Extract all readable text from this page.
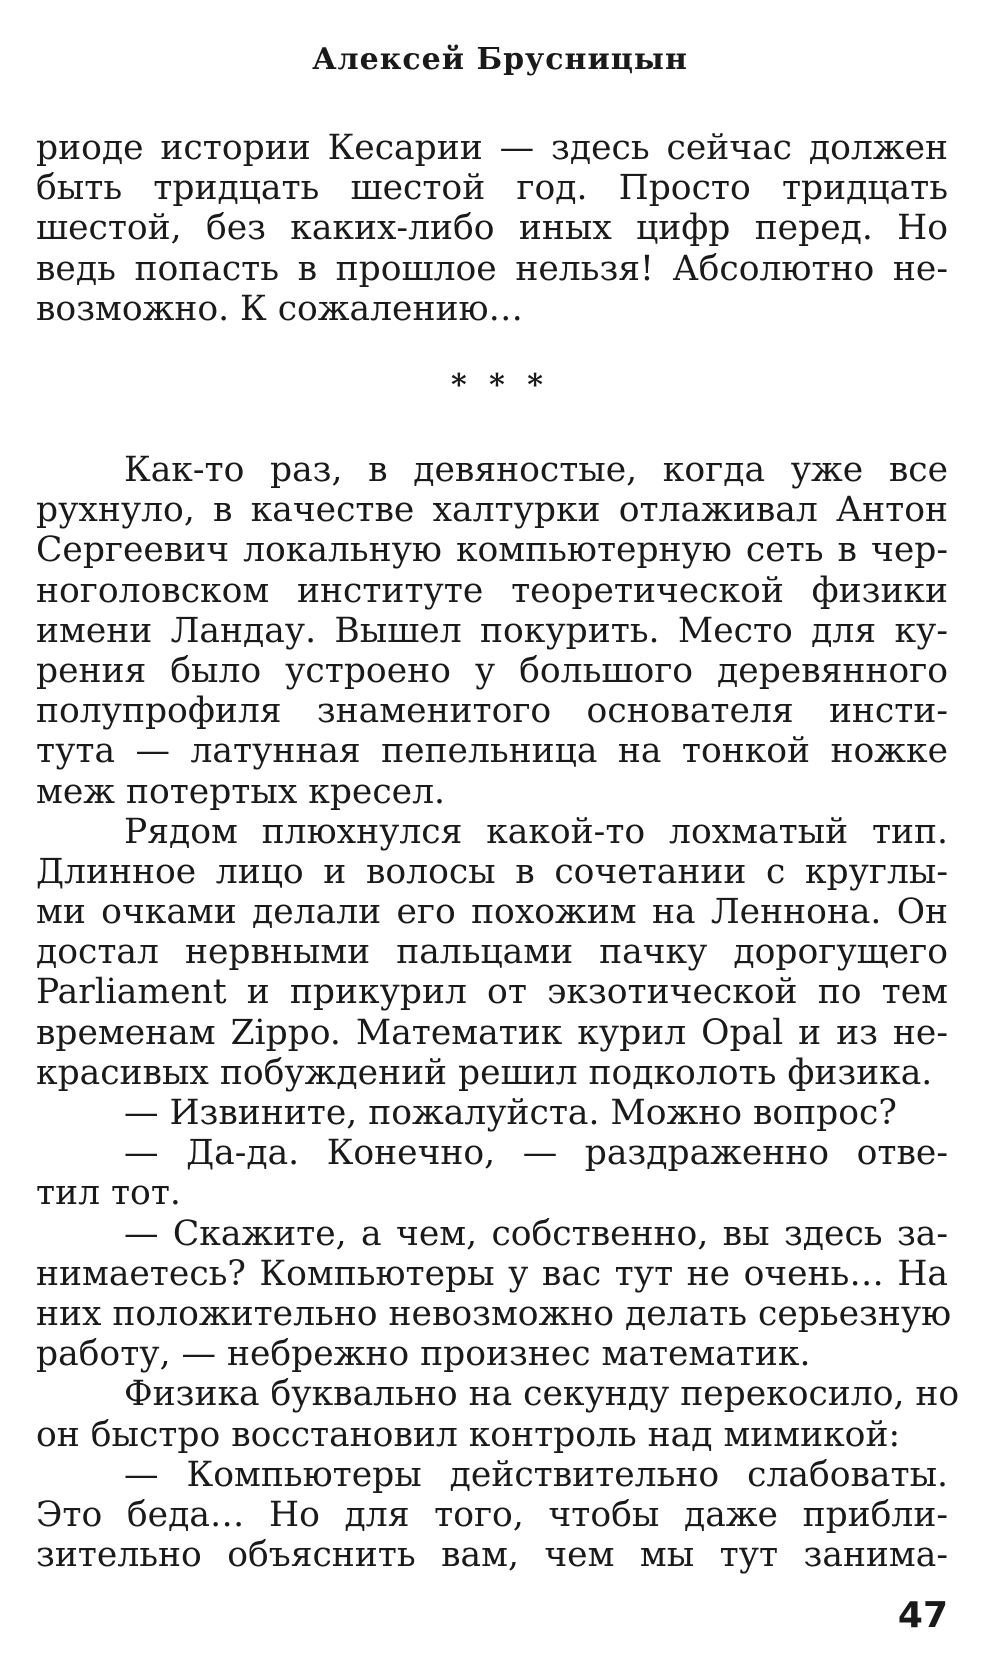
Алексей Брусницын
риоде истории Кесарии — здесь сейчас должен
быть тридцать шестой год. Просто тридцать
шестой, без каких-либо иных цифр перед. Но
ведь попасть в прошлое нельзя! Абсолютно не-
возможно. К сожалению…
* * *
Как-то раз, в девяностые, когда уже все
рухнуло, в качестве халтурки отлаживал Антон
Сергеевич локальную компьютерную сеть в чер-
ноголовском институте теоретической физики
имени Ландау. Вышел покурить. Место для ку-
рения было устроено у большого деревянного
полупрофиля знаменитого основателя инсти-
тута — латунная пепельница на тонкой ножке
меж потертых кресел.
Рядом плюхнулся какой-то лохматый тип.
Длинное лицо и волосы в сочетании с круглы-
ми очками делали его похожим на Леннона. Он
достал нервными пальцами пачку дорогущего
Parliament и прикурил от экзотической по тем
временам Zippo. Математик курил Opal и из не-
красивых побуждений решил подколоть физика.
— Извините, пожалуйста. Можно вопрос?
— Да-да. Конечно, — раздраженно отве-
тил тот.
— Скажите, а чем, собственно, вы здесь за-
нимаетесь? Компьютеры у вас тут не очень… На
них положительно невозможно делать серьезную
работу, — небрежно произнес математик.
Физика буквально на секунду перекосило, но
он быстро восстановил контроль над мимикой:
— Компьютеры действительно слабоваты.
Это беда… Но для того, чтобы даже прибли-
зительно объяснить вам, чем мы тут занима-
47
